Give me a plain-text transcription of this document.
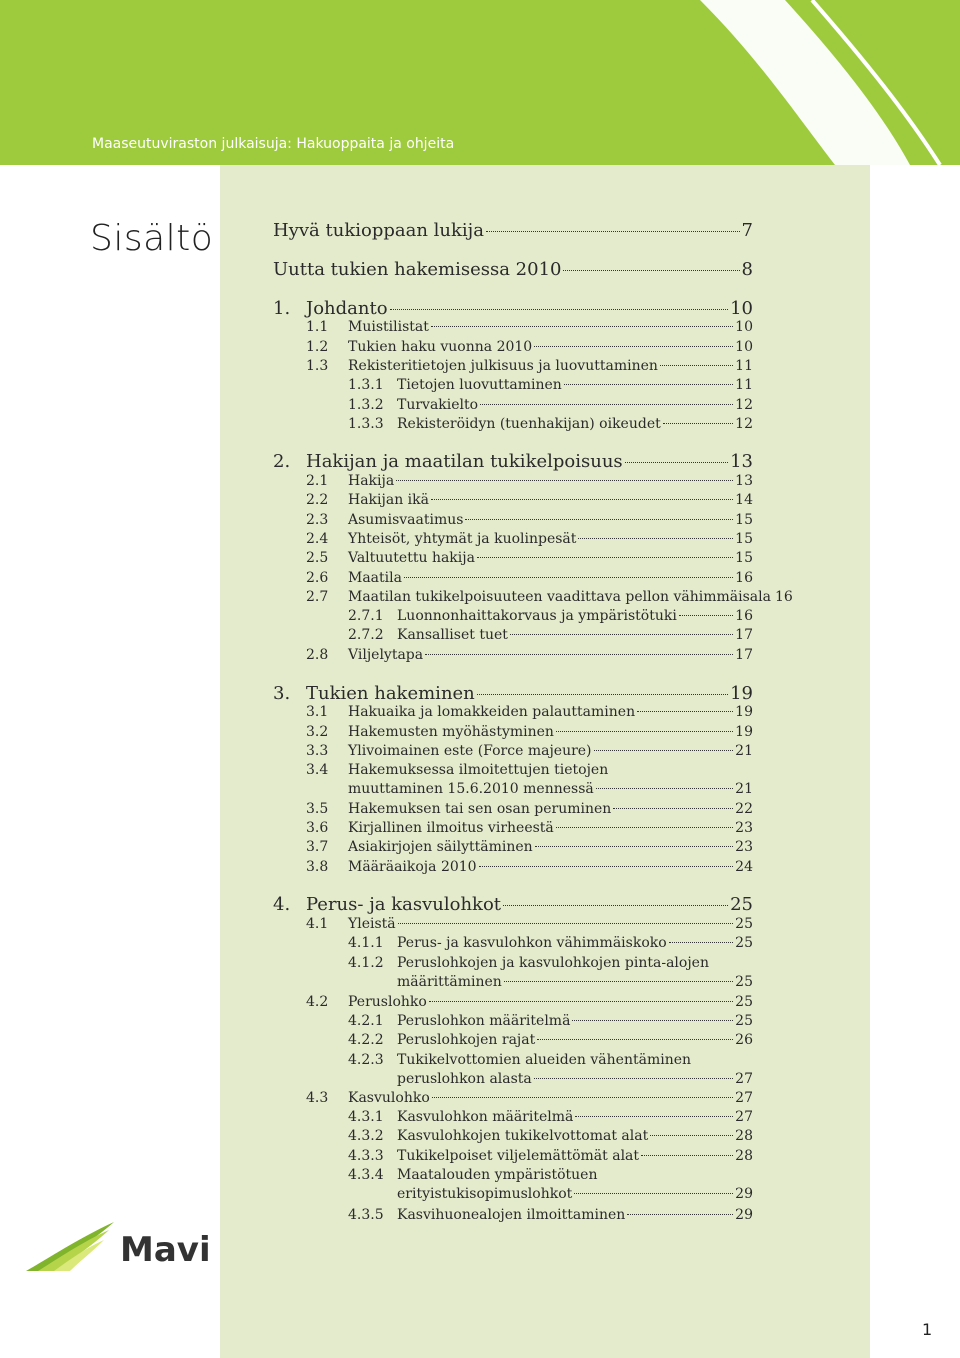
Maaseutuviraston julkaisuja: Hakuoppaita ja ohjeita
Sisältö	Hyvä tukioppaan lukija	7
Uutta tukien hakemisessa 2010	8
1. Johdanto	10
1.1 Muistilistat	10
1.2 Tukien haku vuonna 2010	10
1.3 Rekisteritietojen julkisuus ja luovuttaminen	11
1.3.1 Tietojen luovuttaminen	11
1.3.2 Turvakielto	12
1.3.3 Rekisteröidyn (tuenhakijan) oikeudet	12
2. Hakijan ja maatilan tukikelpoisuus	13
2.1 Hakija	13
2.2 Hakijan ikä	14
2.3 Asumisvaatimus	15
2.4 Yhteisöt, yhtymät ja kuolinpesät	15
2.5 Valtuutettu hakija	15
2.6 Maatila	16
2.7 Maatilan tukikelpoisuuteen vaadittava pellon vähimmäisala 16
2.7.1 Luonnonhaittakorvaus ja ympäristötuki	16
2.7.2 Kansalliset tuet	17
2.8 Viljelytapa	17
3. Tukien hakeminen	19
3.1 Hakuaika ja lomakkeiden palauttaminen	19
3.2 Hakemusten myöhästyminen	19
3.3 Ylivoimainen este (Force majeure)	21
3.4 Hakemuksessa ilmoitettujen tietojen
muuttaminen 15.6.2010 mennessä	21
3.5 Hakemuksen tai sen osan peruminen	22
3.6 Kirjallinen ilmoitus virheestä	23
3.7 Asiakirjojen säilyttäminen	23
3.8 Määräaikoja 2010	24
4. Perus- ja kasvulohkot	25
4.1 Yleistä	25
4.1.1 Perus- ja kasvulohkon vähimmäiskoko	25
4.1.2 Peruslohkojen ja kasvulohkojen pinta-alojen
määrittäminen	25
4.2 Peruslohko	25
4.2.1 Peruslohkon määritelmä	25
4.2.2 Peruslohkojen rajat	26
4.2.3 Tukikelvottomien alueiden vähentäminen
peruslohkon alasta	27
4.3 Kasvulohko	27
4.3.1 Kasvulohkon määritelmä	27
4.3.2 Kasvulohkojen tukikelvottomat alat	28
4.3.3 Tukikelpoiset viljelemättömät alat	28
4.3.4 Maatalouden ympäristötuen
erityistukisopimuslohkot	29
4.3.5 Kasvihuonealojen ilmoittaminen	29
Mavi
1
